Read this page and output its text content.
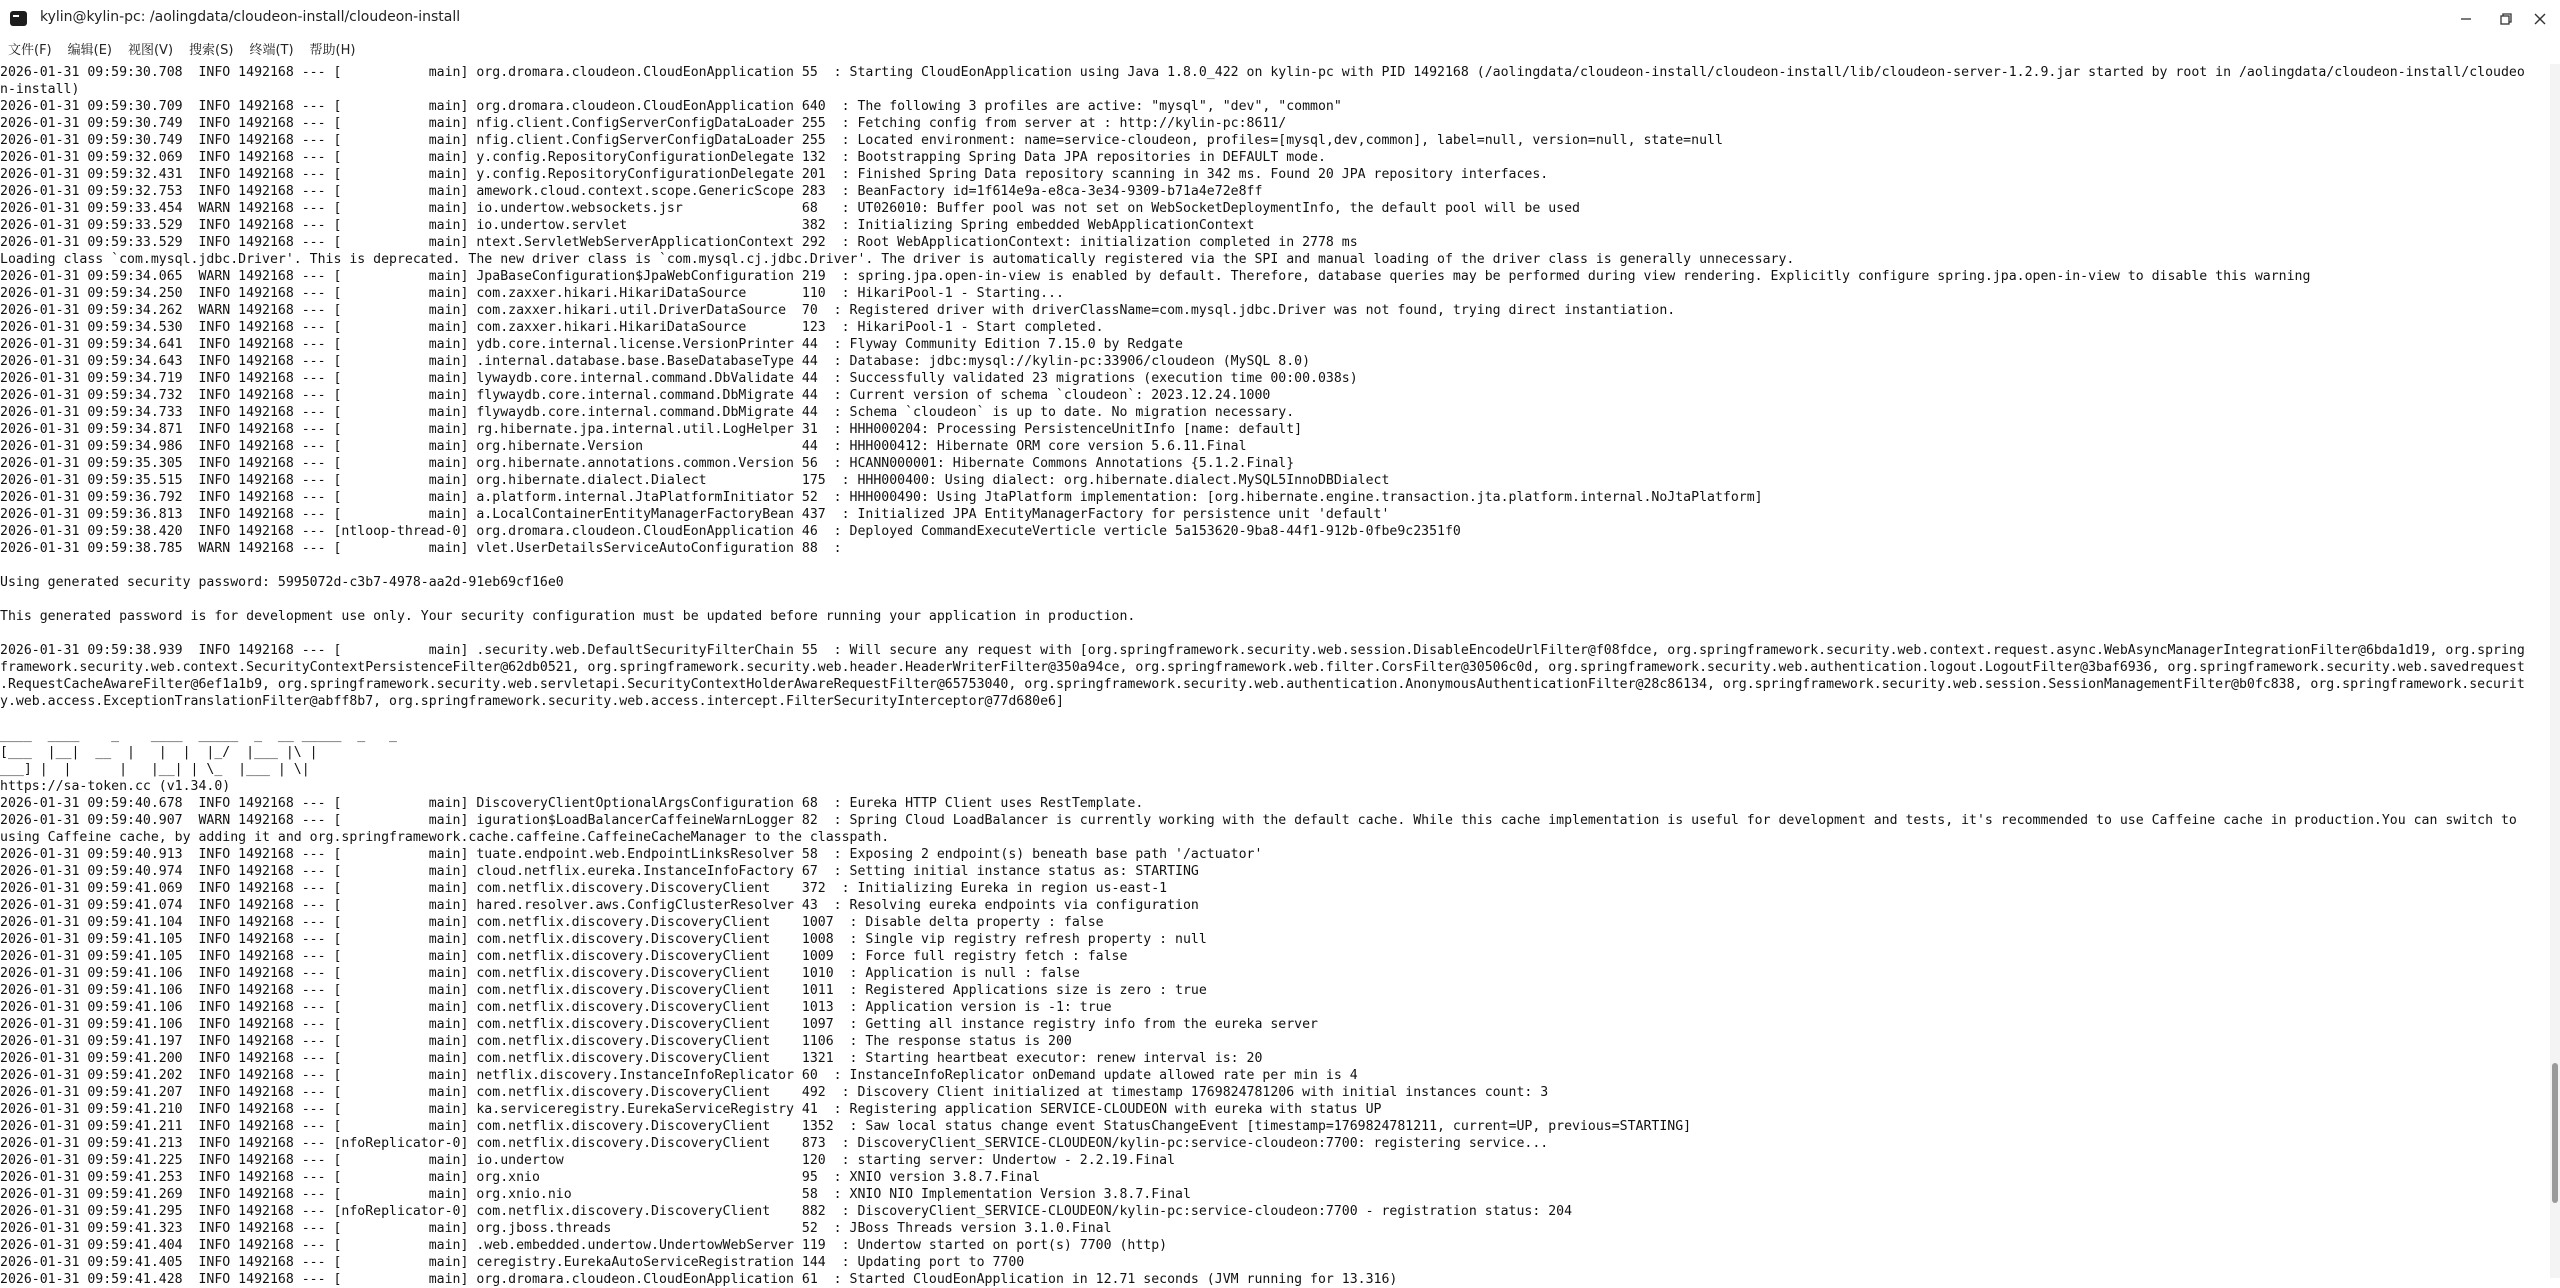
kylin@kylin-pc: /aolingdata/cloudeon-install/cloudeon-install
文件(F)	编辑(E)	视图(V)	搜索(S)	终端(T)	帮助(H)
2026-01-31 09:59:30.708  INFO 1492168 --- [           main] org.dromara.cloudeon.CloudEonApplication 55  : Starting CloudEonApplication using Java 1.8.0_422 on kylin-pc with PID 1492168 (/aolingdata/cloudeon-install/cloudeon-install/lib/cloudeon-server-1.2.9.jar started by root in /aolingdata/cloudeon-install/cloudeo
n-install)
2026-01-31 09:59:30.709  INFO 1492168 --- [           main] org.dromara.cloudeon.CloudEonApplication 640  : The following 3 profiles are active: "mysql", "dev", "common"
2026-01-31 09:59:30.749  INFO 1492168 --- [           main] nfig.client.ConfigServerConfigDataLoader 255  : Fetching config from server at : http://kylin-pc:8611/
2026-01-31 09:59:30.749  INFO 1492168 --- [           main] nfig.client.ConfigServerConfigDataLoader 255  : Located environment: name=service-cloudeon, profiles=[mysql,dev,common], label=null, version=null, state=null
2026-01-31 09:59:32.069  INFO 1492168 --- [           main] y.config.RepositoryConfigurationDelegate 132  : Bootstrapping Spring Data JPA repositories in DEFAULT mode.
2026-01-31 09:59:32.431  INFO 1492168 --- [           main] y.config.RepositoryConfigurationDelegate 201  : Finished Spring Data repository scanning in 342 ms. Found 20 JPA repository interfaces.
2026-01-31 09:59:32.753  INFO 1492168 --- [           main] amework.cloud.context.scope.GenericScope 283  : BeanFactory id=1f614e9a-e8ca-3e34-9309-b71a4e72e8ff
2026-01-31 09:59:33.454  WARN 1492168 --- [           main] io.undertow.websockets.jsr               68   : UT026010: Buffer pool was not set on WebSocketDeploymentInfo, the default pool will be used
2026-01-31 09:59:33.529  INFO 1492168 --- [           main] io.undertow.servlet                      382  : Initializing Spring embedded WebApplicationContext
2026-01-31 09:59:33.529  INFO 1492168 --- [           main] ntext.ServletWebServerApplicationContext 292  : Root WebApplicationContext: initialization completed in 2778 ms
Loading class `com.mysql.jdbc.Driver'. This is deprecated. The new driver class is `com.mysql.cj.jdbc.Driver'. The driver is automatically registered via the SPI and manual loading of the driver class is generally unnecessary.
2026-01-31 09:59:34.065  WARN 1492168 --- [           main] JpaBaseConfiguration$JpaWebConfiguration 219  : spring.jpa.open-in-view is enabled by default. Therefore, database queries may be performed during view rendering. Explicitly configure spring.jpa.open-in-view to disable this warning
2026-01-31 09:59:34.250  INFO 1492168 --- [           main] com.zaxxer.hikari.HikariDataSource       110  : HikariPool-1 - Starting...
2026-01-31 09:59:34.262  WARN 1492168 --- [           main] com.zaxxer.hikari.util.DriverDataSource  70  : Registered driver with driverClassName=com.mysql.jdbc.Driver was not found, trying direct instantiation.
2026-01-31 09:59:34.530  INFO 1492168 --- [           main] com.zaxxer.hikari.HikariDataSource       123  : HikariPool-1 - Start completed.
2026-01-31 09:59:34.641  INFO 1492168 --- [           main] ydb.core.internal.license.VersionPrinter 44  : Flyway Community Edition 7.15.0 by Redgate
2026-01-31 09:59:34.643  INFO 1492168 --- [           main] .internal.database.base.BaseDatabaseType 44  : Database: jdbc:mysql://kylin-pc:33906/cloudeon (MySQL 8.0)
2026-01-31 09:59:34.719  INFO 1492168 --- [           main] lywaydb.core.internal.command.DbValidate 44  : Successfully validated 23 migrations (execution time 00:00.038s)
2026-01-31 09:59:34.732  INFO 1492168 --- [           main] flywaydb.core.internal.command.DbMigrate 44  : Current version of schema `cloudeon`: 2023.12.24.1000
2026-01-31 09:59:34.733  INFO 1492168 --- [           main] flywaydb.core.internal.command.DbMigrate 44  : Schema `cloudeon` is up to date. No migration necessary.
2026-01-31 09:59:34.871  INFO 1492168 --- [           main] rg.hibernate.jpa.internal.util.LogHelper 31  : HHH000204: Processing PersistenceUnitInfo [name: default]
2026-01-31 09:59:34.986  INFO 1492168 --- [           main] org.hibernate.Version                    44  : HHH000412: Hibernate ORM core version 5.6.11.Final
2026-01-31 09:59:35.305  INFO 1492168 --- [           main] org.hibernate.annotations.common.Version 56  : HCANN000001: Hibernate Commons Annotations {5.1.2.Final}
2026-01-31 09:59:35.515  INFO 1492168 --- [           main] org.hibernate.dialect.Dialect            175  : HHH000400: Using dialect: org.hibernate.dialect.MySQL5InnoDBDialect
2026-01-31 09:59:36.792  INFO 1492168 --- [           main] a.platform.internal.JtaPlatformInitiator 52  : HHH000490: Using JtaPlatform implementation: [org.hibernate.engine.transaction.jta.platform.internal.NoJtaPlatform]
2026-01-31 09:59:36.813  INFO 1492168 --- [           main] a.LocalContainerEntityManagerFactoryBean 437  : Initialized JPA EntityManagerFactory for persistence unit 'default'
2026-01-31 09:59:38.420  INFO 1492168 --- [ntloop-thread-0] org.dromara.cloudeon.CloudEonApplication 46  : Deployed CommandExecuteVerticle verticle 5a153620-9ba8-44f1-912b-0fbe9c2351f0
2026-01-31 09:59:38.785  WARN 1492168 --- [           main] vlet.UserDetailsServiceAutoConfiguration 88  :
Using generated security password: 5995072d-c3b7-4978-aa2d-91eb69cf16e0
This generated password is for development use only. Your security configuration must be updated before running your application in production.
2026-01-31 09:59:38.939  INFO 1492168 --- [           main] .security.web.DefaultSecurityFilterChain 55  : Will secure any request with [org.springframework.security.web.session.DisableEncodeUrlFilter@f08fdce, org.springframework.security.web.context.request.async.WebAsyncManagerIntegrationFilter@6bda1d19, org.spring
framework.security.web.context.SecurityContextPersistenceFilter@62db0521, org.springframework.security.web.header.HeaderWriterFilter@350a94ce, org.springframework.web.filter.CorsFilter@30506c0d, org.springframework.security.web.authentication.logout.LogoutFilter@3baf6936, org.springframework.security.web.savedrequest
.RequestCacheAwareFilter@6ef1a1b9, org.springframework.security.web.servletapi.SecurityContextHolderAwareRequestFilter@65753040, org.springframework.security.web.authentication.AnonymousAuthenticationFilter@28c86134, org.springframework.security.web.session.SessionManagementFilter@b0fc838, org.springframework.securit
y.web.access.ExceptionTranslationFilter@abff8b7, org.springframework.security.web.access.intercept.FilterSecurityInterceptor@77d680e6]
____  ____    _    ____  _____  _  __ _____  _   _
[___  |__|  __  |   |  |  |_/  |___ |\ |
___] |  |      |   |__| | \_  |___ | \|
https://sa-token.cc (v1.34.0)
2026-01-31 09:59:40.678  INFO 1492168 --- [           main] DiscoveryClientOptionalArgsConfiguration 68  : Eureka HTTP Client uses RestTemplate.
2026-01-31 09:59:40.907  WARN 1492168 --- [           main] iguration$LoadBalancerCaffeineWarnLogger 82  : Spring Cloud LoadBalancer is currently working with the default cache. While this cache implementation is useful for development and tests, it's recommended to use Caffeine cache in production.You can switch to
using Caffeine cache, by adding it and org.springframework.cache.caffeine.CaffeineCacheManager to the classpath.
2026-01-31 09:59:40.913  INFO 1492168 --- [           main] tuate.endpoint.web.EndpointLinksResolver 58  : Exposing 2 endpoint(s) beneath base path '/actuator'
2026-01-31 09:59:40.974  INFO 1492168 --- [           main] cloud.netflix.eureka.InstanceInfoFactory 67  : Setting initial instance status as: STARTING
2026-01-31 09:59:41.069  INFO 1492168 --- [           main] com.netflix.discovery.DiscoveryClient    372  : Initializing Eureka in region us-east-1
2026-01-31 09:59:41.074  INFO 1492168 --- [           main] hared.resolver.aws.ConfigClusterResolver 43  : Resolving eureka endpoints via configuration
2026-01-31 09:59:41.104  INFO 1492168 --- [           main] com.netflix.discovery.DiscoveryClient    1007  : Disable delta property : false
2026-01-31 09:59:41.105  INFO 1492168 --- [           main] com.netflix.discovery.DiscoveryClient    1008  : Single vip registry refresh property : null
2026-01-31 09:59:41.105  INFO 1492168 --- [           main] com.netflix.discovery.DiscoveryClient    1009  : Force full registry fetch : false
2026-01-31 09:59:41.106  INFO 1492168 --- [           main] com.netflix.discovery.DiscoveryClient    1010  : Application is null : false
2026-01-31 09:59:41.106  INFO 1492168 --- [           main] com.netflix.discovery.DiscoveryClient    1011  : Registered Applications size is zero : true
2026-01-31 09:59:41.106  INFO 1492168 --- [           main] com.netflix.discovery.DiscoveryClient    1013  : Application version is -1: true
2026-01-31 09:59:41.106  INFO 1492168 --- [           main] com.netflix.discovery.DiscoveryClient    1097  : Getting all instance registry info from the eureka server
2026-01-31 09:59:41.197  INFO 1492168 --- [           main] com.netflix.discovery.DiscoveryClient    1106  : The response status is 200
2026-01-31 09:59:41.200  INFO 1492168 --- [           main] com.netflix.discovery.DiscoveryClient    1321  : Starting heartbeat executor: renew interval is: 20
2026-01-31 09:59:41.202  INFO 1492168 --- [           main] netflix.discovery.InstanceInfoReplicator 60  : InstanceInfoReplicator onDemand update allowed rate per min is 4
2026-01-31 09:59:41.207  INFO 1492168 --- [           main] com.netflix.discovery.DiscoveryClient    492  : Discovery Client initialized at timestamp 1769824781206 with initial instances count: 3
2026-01-31 09:59:41.210  INFO 1492168 --- [           main] ka.serviceregistry.EurekaServiceRegistry 41  : Registering application SERVICE-CLOUDEON with eureka with status UP
2026-01-31 09:59:41.211  INFO 1492168 --- [           main] com.netflix.discovery.DiscoveryClient    1352  : Saw local status change event StatusChangeEvent [timestamp=1769824781211, current=UP, previous=STARTING]
2026-01-31 09:59:41.213  INFO 1492168 --- [nfoReplicator-0] com.netflix.discovery.DiscoveryClient    873  : DiscoveryClient_SERVICE-CLOUDEON/kylin-pc:service-cloudeon:7700: registering service...
2026-01-31 09:59:41.225  INFO 1492168 --- [           main] io.undertow                              120  : starting server: Undertow - 2.2.19.Final
2026-01-31 09:59:41.253  INFO 1492168 --- [           main] org.xnio                                 95  : XNIO version 3.8.7.Final
2026-01-31 09:59:41.269  INFO 1492168 --- [           main] org.xnio.nio                             58  : XNIO NIO Implementation Version 3.8.7.Final
2026-01-31 09:59:41.295  INFO 1492168 --- [nfoReplicator-0] com.netflix.discovery.DiscoveryClient    882  : DiscoveryClient_SERVICE-CLOUDEON/kylin-pc:service-cloudeon:7700 - registration status: 204
2026-01-31 09:59:41.323  INFO 1492168 --- [           main] org.jboss.threads                        52  : JBoss Threads version 3.1.0.Final
2026-01-31 09:59:41.404  INFO 1492168 --- [           main] .web.embedded.undertow.UndertowWebServer 119  : Undertow started on port(s) 7700 (http)
2026-01-31 09:59:41.405  INFO 1492168 --- [           main] ceregistry.EurekaAutoServiceRegistration 144  : Updating port to 7700
2026-01-31 09:59:41.428  INFO 1492168 --- [           main] org.dromara.cloudeon.CloudEonApplication 61  : Started CloudEonApplication in 12.71 seconds (JVM running for 13.316)
